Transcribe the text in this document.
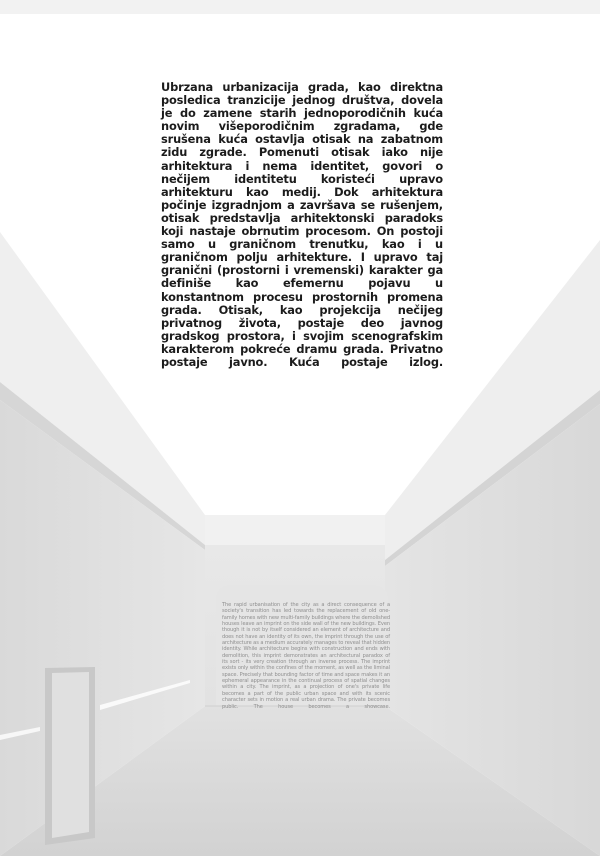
Ubrzana urbanizacija grada, kao direktna posledica tranzicije jednog društva, dovela je do zamene starih jednoporodičnih kuća novim višeporodičnim zgradama, gde srušena kuća ostavlja otisak na zabatnom zidu zgrade. Pomenuti otisak iako nije arhitektura i nema identitet, govori o nečijem identitetu koristeći upravo arhitekturu kao medij. Dok arhitektura počinje izgradnjom a završava se rušenjem, otisak predstavlja arhitektonski paradoks koji nastaje obrnutim procesom. On postoji samo u graničnom trenutku, kao i u graničnom polju arhitekture. I upravo taj granični (prostorni i vremenski) karakter ga definiše kao efemernu pojavu u konstantnom procesu prostornih promena grada. Otisak, kao projekcija nečijeg privatnog života, postaje deo javnog gradskog prostora, i svojim scenografskim karakterom pokreće dramu grada. Privatno postaje javno. Kuća postaje izlog.

The rapid urbanisation of the city as a direct consequence of a society's transition has led towards the replacement of old one-family homes with new multi-family buildings where the demolished houses leave an imprint on the side wall of the new buildings. Even though it is not by itself considered an element of architecture and does not have an identity of its own, the imprint through the use of architecture as a medium accurately manages to reveal that hidden identity. While architecture begins with construction and ends with demolition, this imprint demonstrates an architectural paradox of its sort - its very creation through an inverse process. The imprint exists only within the confines of the moment, as well as the liminal space. Precisely that bounding factor of time and space makes it an ephemeral appearance in the continual process of spatial changes within a city. The imprint, as a projection of one's private life becomes a part of the public urban space and with its scenic character sets in motion a real urban drama. The private becomes public. The house becomes a showcase.
